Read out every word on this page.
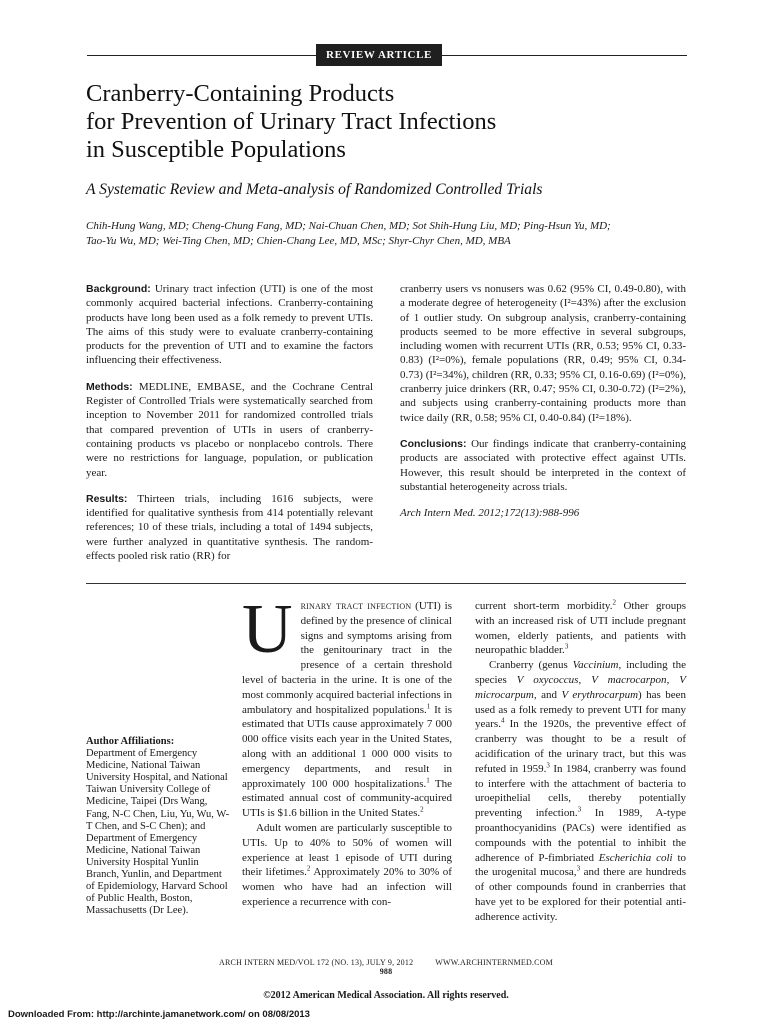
REVIEW ARTICLE
Cranberry-Containing Products
for Prevention of Urinary Tract Infections
in Susceptible Populations
A Systematic Review and Meta-analysis of Randomized Controlled Trials
Chih-Hung Wang, MD; Cheng-Chung Fang, MD; Nai-Chuan Chen, MD; Sot Shih-Hung Liu, MD; Ping-Hsun Yu, MD;
Tao-Yu Wu, MD; Wei-Ting Chen, MD; Chien-Chang Lee, MD, MSc; Shyr-Chyr Chen, MD, MBA

Background: Urinary tract infection (UTI) is one of the most commonly acquired bacterial infections. Cranberry-containing products have long been used as a folk remedy to prevent UTIs. The aims of this study were to evaluate cranberry-containing products for the prevention of UTI and to examine the factors influencing their effectiveness.

Methods: MEDLINE, EMBASE, and the Cochrane Central Register of Controlled Trials were systematically searched from inception to November 2011 for randomized controlled trials that compared prevention of UTIs in users of cranberry-containing products vs placebo or nonplacebo controls. There were no restrictions for language, population, or publication year.

Results: Thirteen trials, including 1616 subjects, were identified for qualitative synthesis from 414 potentially relevant references; 10 of these trials, including a total of 1494 subjects, were further analyzed in quantitative synthesis. The random-effects pooled risk ratio (RR) for

cranberry users vs nonusers was 0.62 (95% CI, 0.49-0.80), with a moderate degree of heterogeneity (I²=43%) after the exclusion of 1 outlier study. On subgroup analysis, cranberry-containing products seemed to be more effective in several subgroups, including women with recurrent UTIs (RR, 0.53; 95% CI, 0.33-0.83) (I²=0%), female populations (RR, 0.49; 95% CI, 0.34-0.73) (I²=34%), children (RR, 0.33; 95% CI, 0.16-0.69) (I²=0%), cranberry juice drinkers (RR, 0.47; 95% CI, 0.30-0.72) (I²=2%), and subjects using cranberry-containing products more than twice daily (RR, 0.58; 95% CI, 0.40-0.84) (I²=18%).

Conclusions: Our findings indicate that cranberry-containing products are associated with protective effect against UTIs. However, this result should be interpreted in the context of substantial heterogeneity across trials.

Arch Intern Med. 2012;172(13):988-996

Author Affiliations:
Department of Emergency Medicine, National Taiwan University Hospital, and National Taiwan University College of Medicine, Taipei (Drs Wang, Fang, N-C Chen, Liu, Yu, Wu, W-T Chen, and S-C Chen); and Department of Emergency Medicine, National Taiwan University Hospital Yunlin Branch, Yunlin, and Department of Epidemiology, Harvard School of Public Health, Boston, Massachusetts (Dr Lee).

U rinary tract infection (UTI) is defined by the presence of clinical signs and symptoms arising from the genitourinary tract in the presence of a certain threshold level of bacteria in the urine. It is one of the most commonly acquired bacterial infections in ambulatory and hospitalized populations.$^1$ It is estimated that UTIs cause approximately 7 000 000 office visits each year in the United States, along with an additional 1 000 000 visits to emergency departments, and result in approximately 100 000 hospitalizations.$^1$ The estimated annual cost of community-acquired UTIs is $1.6 billion in the United States.$^2$

Adult women are particularly susceptible to UTIs. Up to 40% to 50% of women will experience at least 1 episode of UTI during their lifetimes.$^2$ Approximately 20% to 30% of women who have had an infection will experience a recurrence with con-

current short-term morbidity.$^2$ Other groups with an increased risk of UTI include pregnant women, elderly patients, and patients with neuropathic bladder.$^3$

Cranberry (genus Vaccinium, including the species V oxycoccus, V macrocarpon, V microcarpum, and V erythrocarpum) has been used as a folk remedy to prevent UTI for many years.$^4$ In the 1920s, the preventive effect of cranberry was thought to be a result of acidification of the urinary tract, but this was refuted in 1959.$^3$ In 1984, cranberry was found to interfere with the attachment of bacteria to uroepithelial cells, thereby potentially preventing infection.$^3$ In 1989, A-type proanthocyanidins (PACs) were identified as compounds with the potential to inhibit the adherence of P-fimbriated Escherichia coli to the urogenital mucosa,$^3$ and there are hundreds of other compounds found in cranberries that have yet to be explored for their potential anti-adherence activity.

ARCH INTERN MED/VOL 172 (NO. 13), JULY 9, 2012	WWW.ARCHINTERNMED.COM
988
©2012 American Medical Association. All rights reserved.
Downloaded From: http://archinte.jamanetwork.com/ on 08/08/2013
